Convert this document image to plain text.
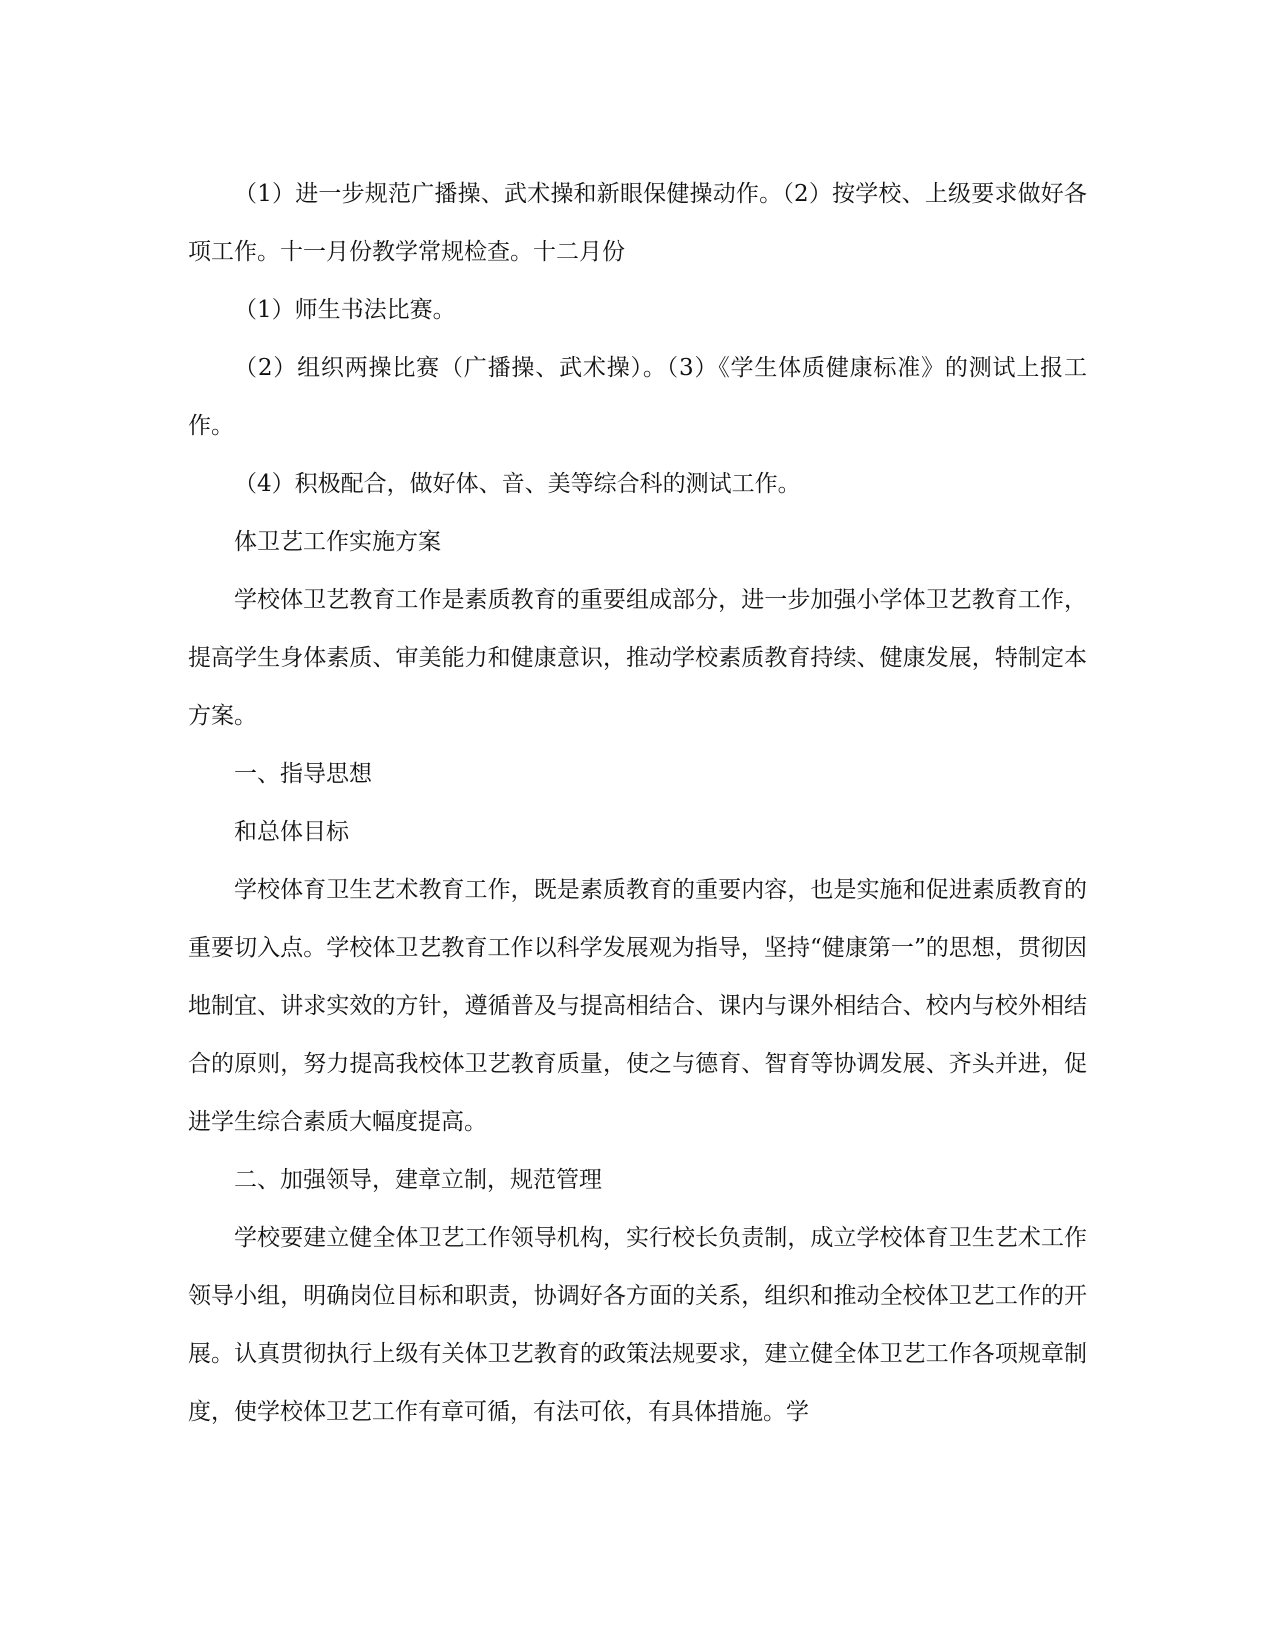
（1）进一步规范广播操、武术操和新眼保健操动作。（2）按学校、上级要求做好各项工作。十一月份教学常规检查。十二月份

（1）师生书法比赛。

（2）组织两操比赛（广播操、武术操）。（3）《学生体质健康标准》的测试上报工作。

（4）积极配合，做好体、音、美等综合科的测试工作。

体卫艺工作实施方案

学校体卫艺教育工作是素质教育的重要组成部分，进一步加强小学体卫艺教育工作，提高学生身体素质、审美能力和健康意识，推动学校素质教育持续、健康发展，特制定本方案。

一、指导思想

和总体目标

学校体育卫生艺术教育工作，既是素质教育的重要内容，也是实施和促进素质教育的重要切入点。学校体卫艺教育工作以科学发展观为指导，坚持“健康第一”的思想，贯彻因地制宜、讲求实效的方针，遵循普及与提高相结合、课内与课外相结合、校内与校外相结合的原则，努力提高我校体卫艺教育质量，使之与德育、智育等协调发展、齐头并进，促进学生综合素质大幅度提高。

二、加强领导，建章立制，规范管理

学校要建立健全体卫艺工作领导机构，实行校长负责制，成立学校体育卫生艺术工作领导小组，明确岗位目标和职责，协调好各方面的关系，组织和推动全校体卫艺工作的开展。认真贯彻执行上级有关体卫艺教育的政策法规要求，建立健全体卫艺工作各项规章制度，使学校体卫艺工作有章可循，有法可依，有具体措施。学
